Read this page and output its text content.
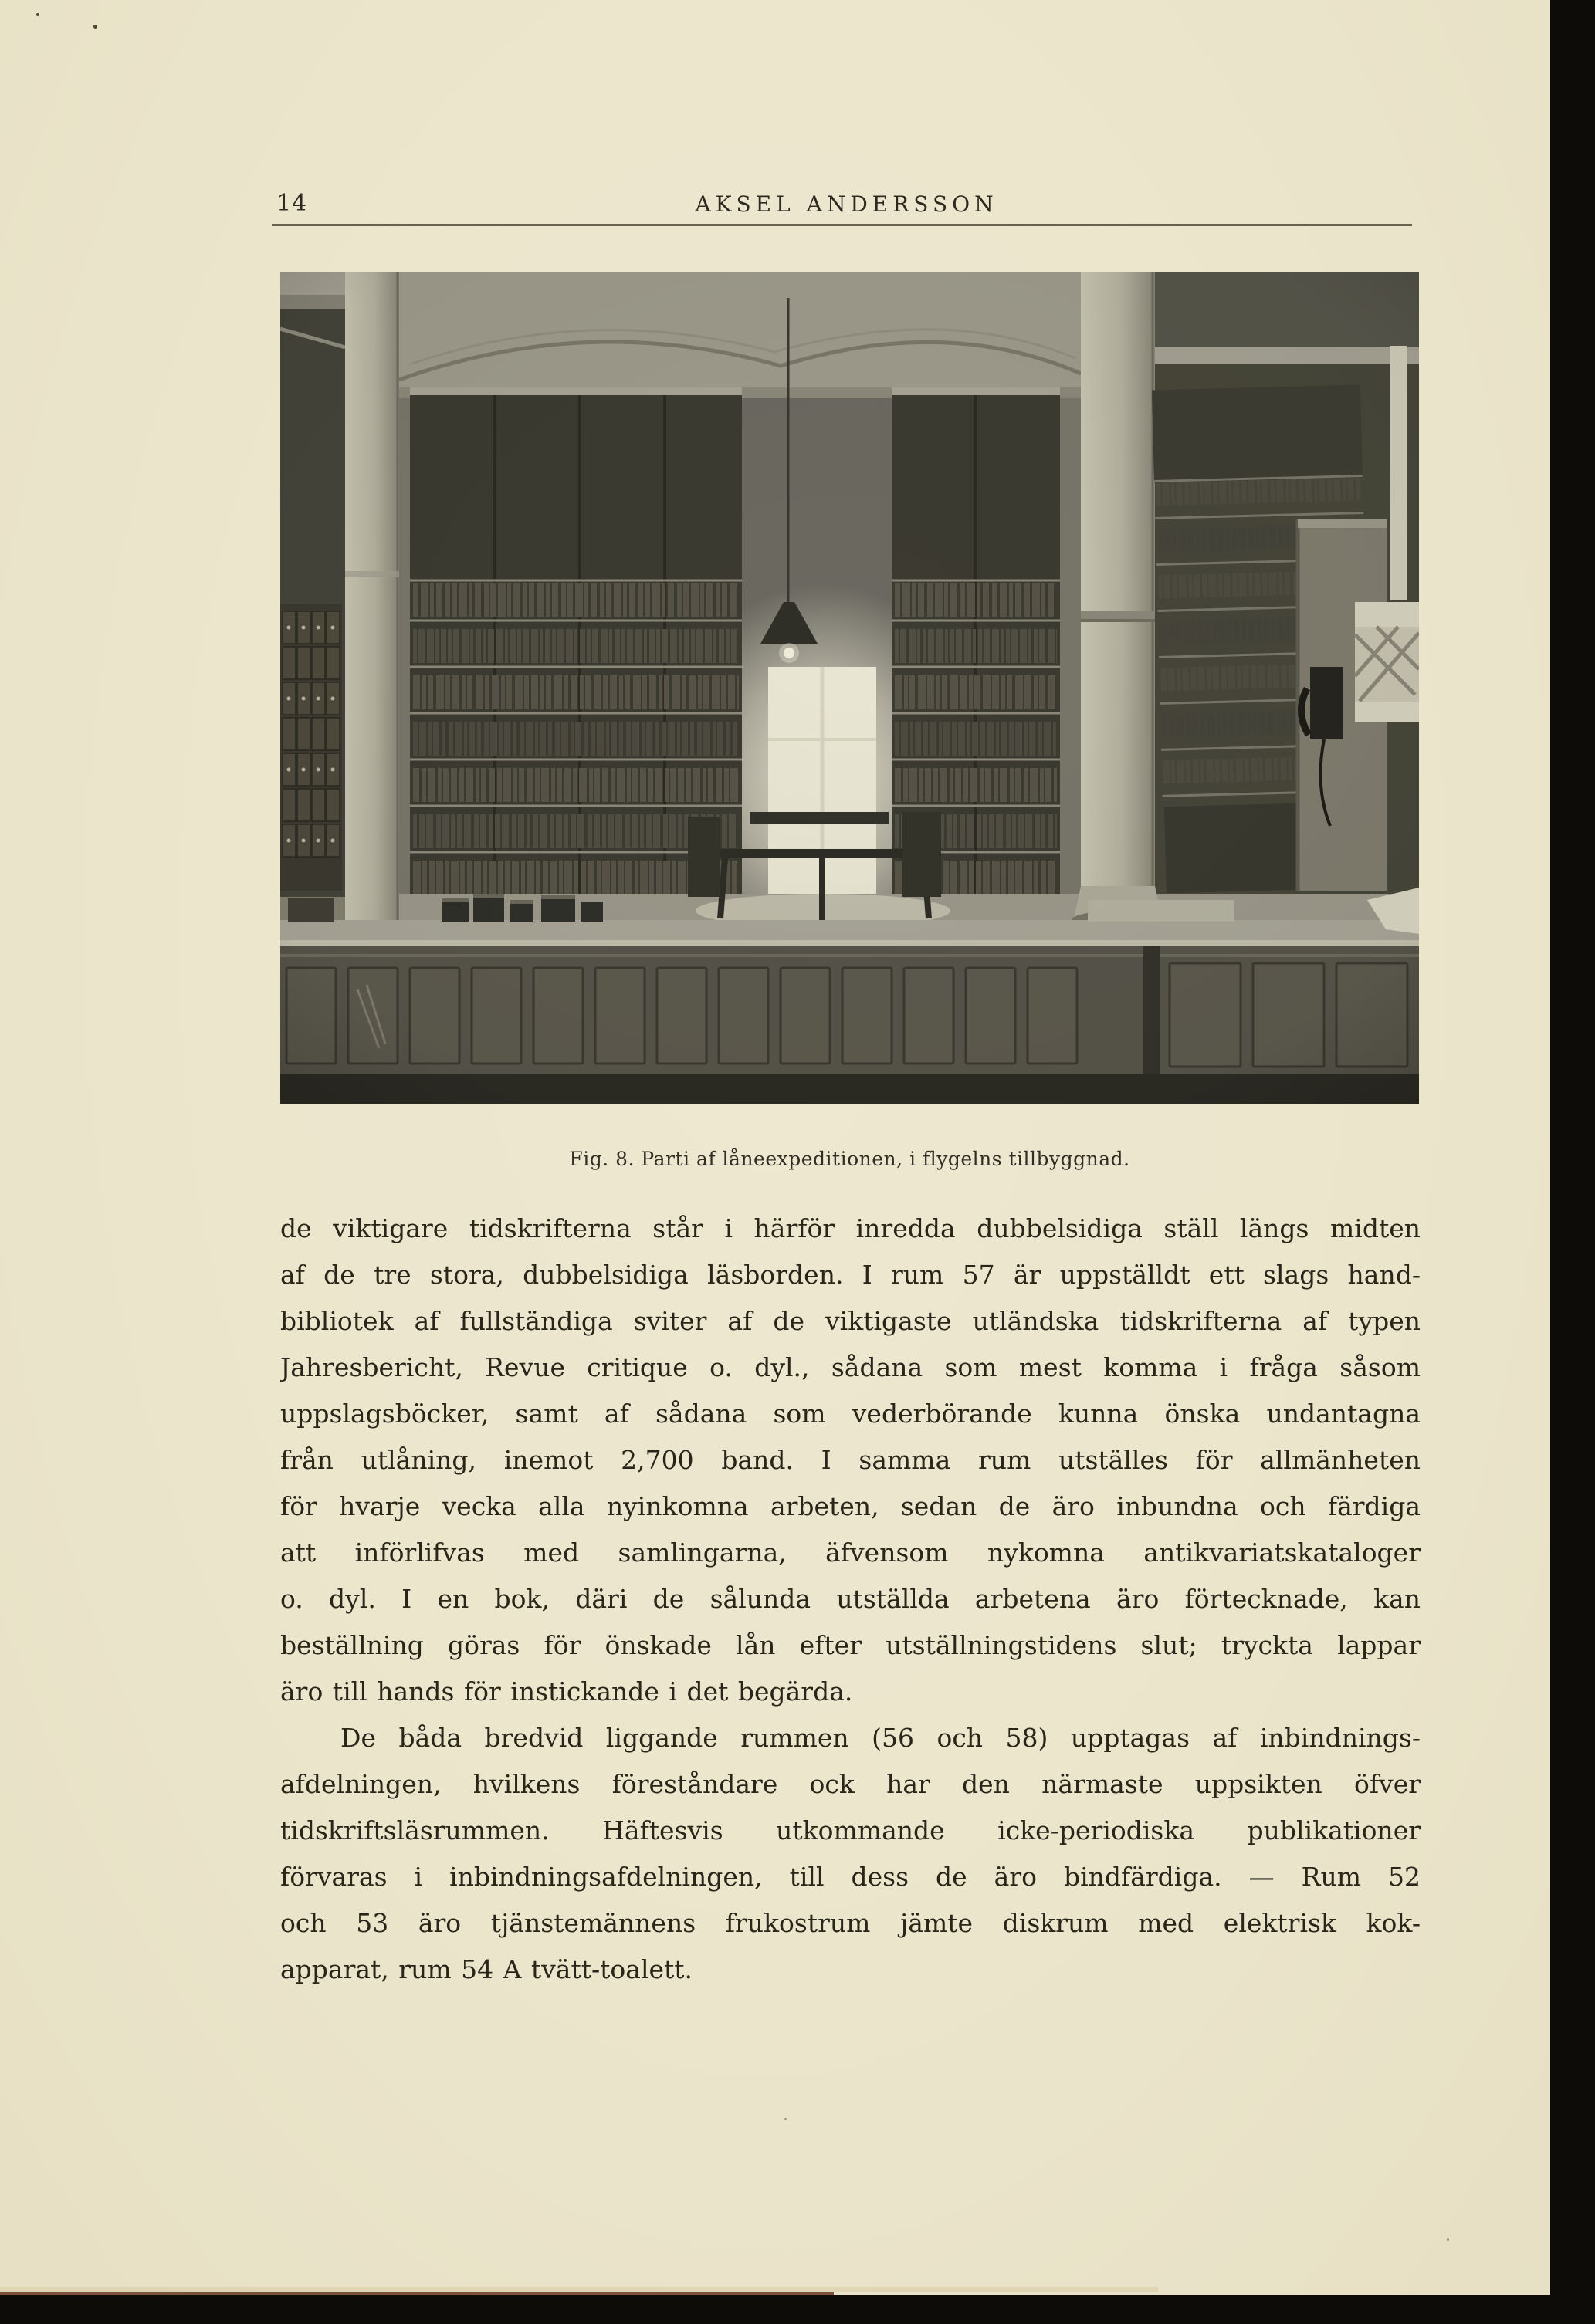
14	AKSEL ANDERSSON
Fig. 8. Parti af låneexpeditionen, i flygelns tillbyggnad.
de viktigare tidskrifterna står i härför inredda dubbelsidiga ställ längs midten
af de tre stora, dubbelsidiga läsborden. I rum 57 är uppställdt ett slags hand-
bibliotek af fullständiga sviter af de viktigaste utländska tidskrifterna af typen
Jahresbericht, Revue critique o. dyl., sådana som mest komma i fråga såsom
uppslagsböcker, samt af sådana som vederbörande kunna önska undantagna
från utlåning, inemot 2,700 band. I samma rum utställes för allmänheten
för hvarje vecka alla nyinkomna arbeten, sedan de äro inbundna och färdiga
att införlifvas med samlingarna, äfvensom nykomna antikvariatskataloger
o. dyl. I en bok, däri de sålunda utställda arbetena äro förtecknade, kan
beställning göras för önskade lån efter utställningstidens slut; tryckta lappar
äro till hands för instickande i det begärda.
De båda bredvid liggande rummen (56 och 58) upptagas af inbindnings-
afdelningen, hvilkens föreståndare ock har den närmaste uppsikten öfver
tidskriftsläsrummen. Häftesvis utkommande icke-periodiska publikationer
förvaras i inbindningsafdelningen, till dess de äro bindfärdiga. — Rum 52
och 53 äro tjänstemännens frukostrum jämte diskrum med elektrisk kok-
apparat, rum 54 A tvätt-toalett.
